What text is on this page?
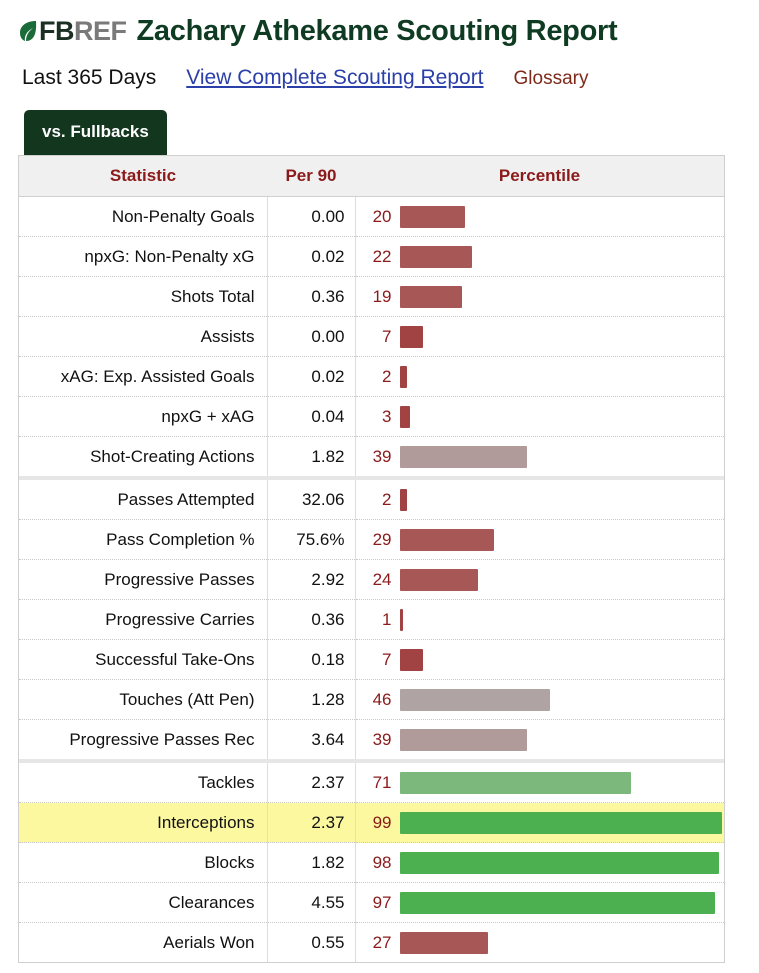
FB REF Zachary Athekame Scouting Report
Last 365 Days View Complete Scouting Report Glossary
vs. Fullbacks
Statistic	Per 90	Percentile
Non-Penalty Goals	0.00	20

npxG: Non-Penalty xG	0.02	22

Shots Total	0.36	19

Assists	0.00	7

xAG: Exp. Assisted Goals	0.02	2

npxG + xAG	0.04	3

Shot-Creating Actions	1.82	39

Passes Attempted	32.06	2

Pass Completion %	75.6%	29

Progressive Passes	2.92	24

Progressive Carries	0.36	1

Successful Take-Ons	0.18	7

Touches (Att Pen)	1.28	46

Progressive Passes Rec	3.64	39

Tackles	2.37	71

Interceptions	2.37	99

Blocks	1.82	98

Clearances	4.55	97

Aerials Won	0.55	27
